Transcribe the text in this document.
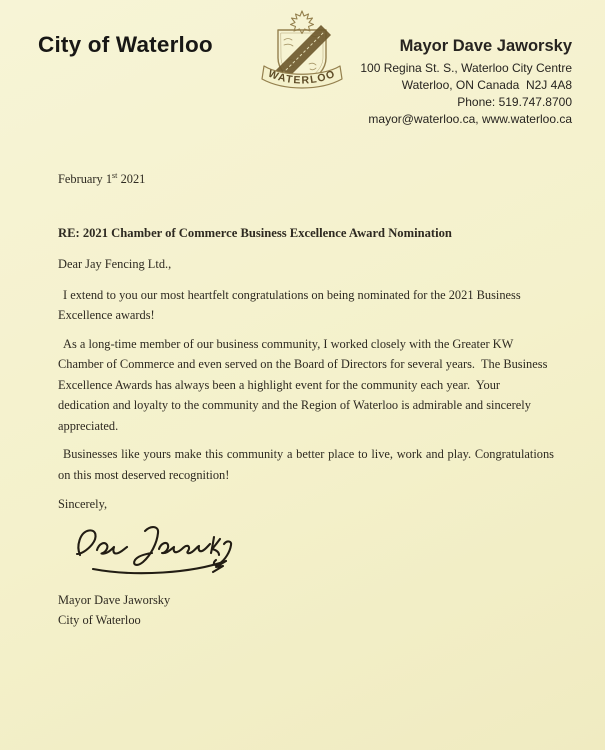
City of Waterloo
WATERLOO
Mayor Dave Jaworsky
100 Regina St. S., Waterloo City Centre
Waterloo, ON Canada  N2J 4A8
Phone: 519.747.8700
mayor@waterloo.ca, www.waterloo.ca
February 1st 2021
RE: 2021 Chamber of Commerce Business Excellence Award Nomination
Dear Jay Fencing Ltd.,

I extend to you our most heartfelt congratulations on being nominated for the 2021 Business Excellence awards!

As a long-time member of our business community, I worked closely with the Greater KW Chamber of Commerce and even served on the Board of Directors for several years.  The Business Excellence Awards has always been a highlight event for the community each year.  Your dedication and loyalty to the community and the Region of Waterloo is admirable and sincerely appreciated.

Businesses like yours make this community a better place to live, work and play. Congratulations on this most deserved recognition!

Sincerely,
Mayor Dave Jaworsky
City of Waterloo
